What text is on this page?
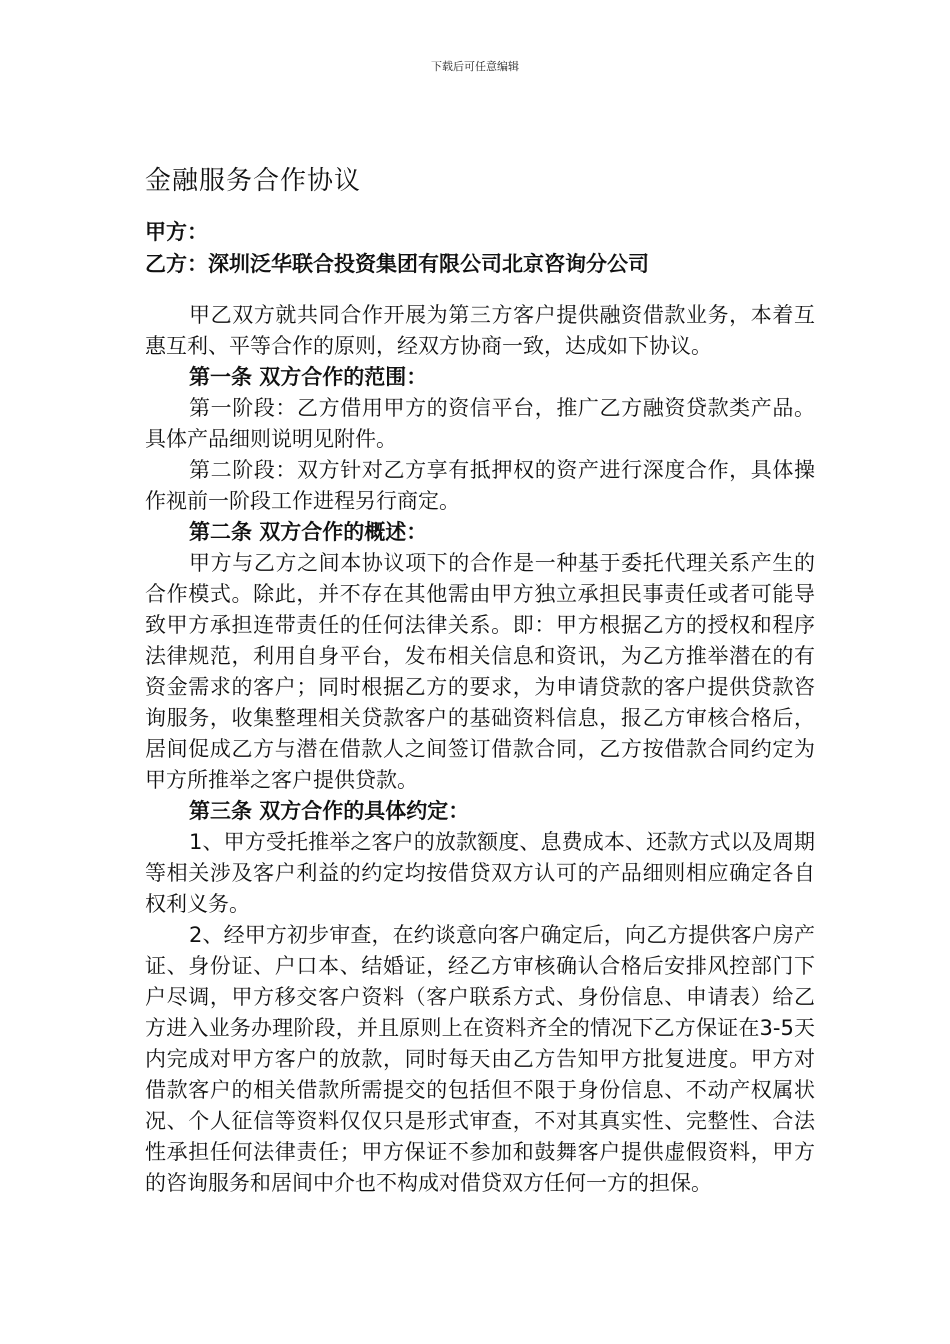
下载后可任意编辑
金融服务合作协议
甲方：
乙方：深圳泛华联合投资集团有限公司北京咨询分公司

甲乙双方就共同合作开展为第三方客户提供融资借款业务，本着互惠互利、平等合作的原则，经双方协商一致，达成如下协议。

第一条 双方合作的范围：

第一阶段：乙方借用甲方的资信平台，推广乙方融资贷款类产品。具体产品细则说明见附件。

第二阶段：双方针对乙方享有抵押权的资产进行深度合作，具体操作视前一阶段工作进程另行商定。

第二条 双方合作的概述：

甲方与乙方之间本协议项下的合作是一种基于委托代理关系产生的合作模式。除此，并不存在其他需由甲方独立承担民事责任或者可能导致甲方承担连带责任的任何法律关系。即：甲方根据乙方的授权和程序法律规范，利用自身平台，发布相关信息和资讯，为乙方推举潜在的有资金需求的客户；同时根据乙方的要求，为申请贷款的客户提供贷款咨询服务，收集整理相关贷款客户的基础资料信息，报乙方审核合格后，居间促成乙方与潜在借款人之间签订借款合同，乙方按借款合同约定为甲方所推举之客户提供贷款。

第三条 双方合作的具体约定：

1、甲方受托推举之客户的放款额度、息费成本、还款方式以及周期等相关涉及客户利益的约定均按借贷双方认可的产品细则相应确定各自权利义务。

2、经甲方初步审查，在约谈意向客户确定后，向乙方提供客户房产证、身份证、户口本、结婚证，经乙方审核确认合格后安排风控部门下户尽调，甲方移交客户资料（客户联系方式、身份信息、申请表）给乙方进入业务办理阶段，并且原则上在资料齐全的情况下乙方保证在3-5天内完成对甲方客户的放款，同时每天由乙方告知甲方批复进度。甲方对借款客户的相关借款所需提交的包括但不限于身份信息、不动产权属状况、个人征信等资料仅仅只是形式审查，不对其真实性、完整性、合法性承担任何法律责任；甲方保证不参加和鼓舞客户提供虚假资料，甲方的咨询服务和居间中介也不构成对借贷双方任何一方的担保。
